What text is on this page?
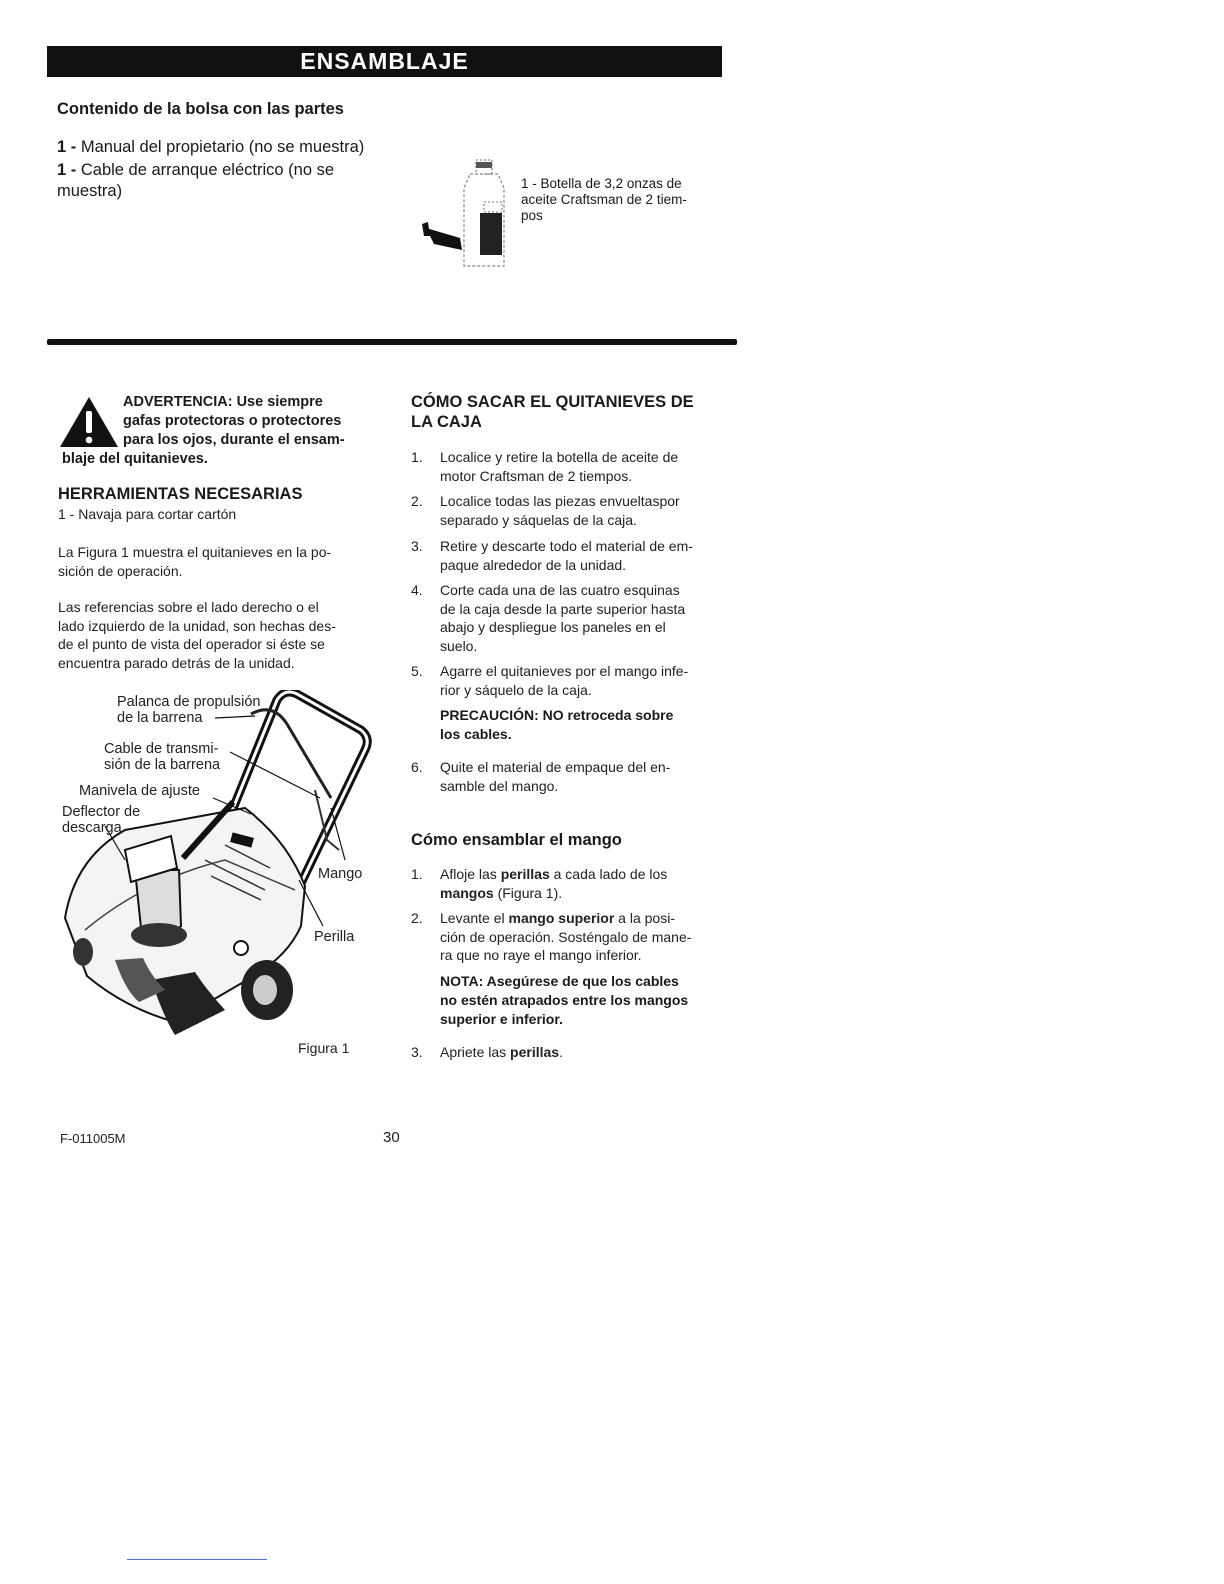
ENSAMBLAJE
Contenido de la bolsa con las partes
1 - Manual del propietario (no se muestra)
1 - Cable de arranque eléctrico (no se
muestra)	1 - Botella de 3,2 onzas de
aceite Craftsman de 2 tiem-
pos
ADVERTENCIA: Use siempre
gafas protectoras o protectores
para los ojos, durante el ensam-
blaje del quitanieves.
HERRAMIENTAS NECESARIAS
1 - Navaja para cortar cartón
La Figura 1 muestra el quitanieves en la po-
sición de operación.
Las referencias sobre el lado derecho o el
lado izquierdo de la unidad, son hechas des-
de el punto de vista del operador si éste se
encuentra parado detrás de la unidad.
Palanca de propulsión
de la barrena
Cable de transmi-
sión de la barrena
Manivela de ajuste
Deflector de
descarga
Mango
Perilla
Figura 1
CÓMO SACAR EL QUITANIEVES DE
LA CAJA
1. Localice y retire la botella de aceite de
motor Craftsman de 2 tiempos.
2. Localice todas las piezas envueltaspor
separado y sáquelas de la caja.
3. Retire y descarte todo el material de em-
paque alrededor de la unidad.
4. Corte cada una de las cuatro esquinas
de la caja desde la parte superior hasta
abajo y despliegue los paneles en el
suelo.
5. Agarre el quitanieves por el mango infe-
rior y sáquelo de la caja.
PRECAUCIÓN: NO retroceda sobre
los cables.
6. Quite el material de empaque del en-
samble del mango.
Cómo ensamblar el mango
1. Afloje las perillas a cada lado de los
mangos (Figura 1).
2. Levante el mango superior a la posi-
ción de operación. Sosténgalo de mane-
ra que no raye el mango inferior.
NOTA: Asegúrese de que los cables
no estén atrapados entre los mangos
superior e inferior.
3. Apriete las perillas.
F-011005M	30
